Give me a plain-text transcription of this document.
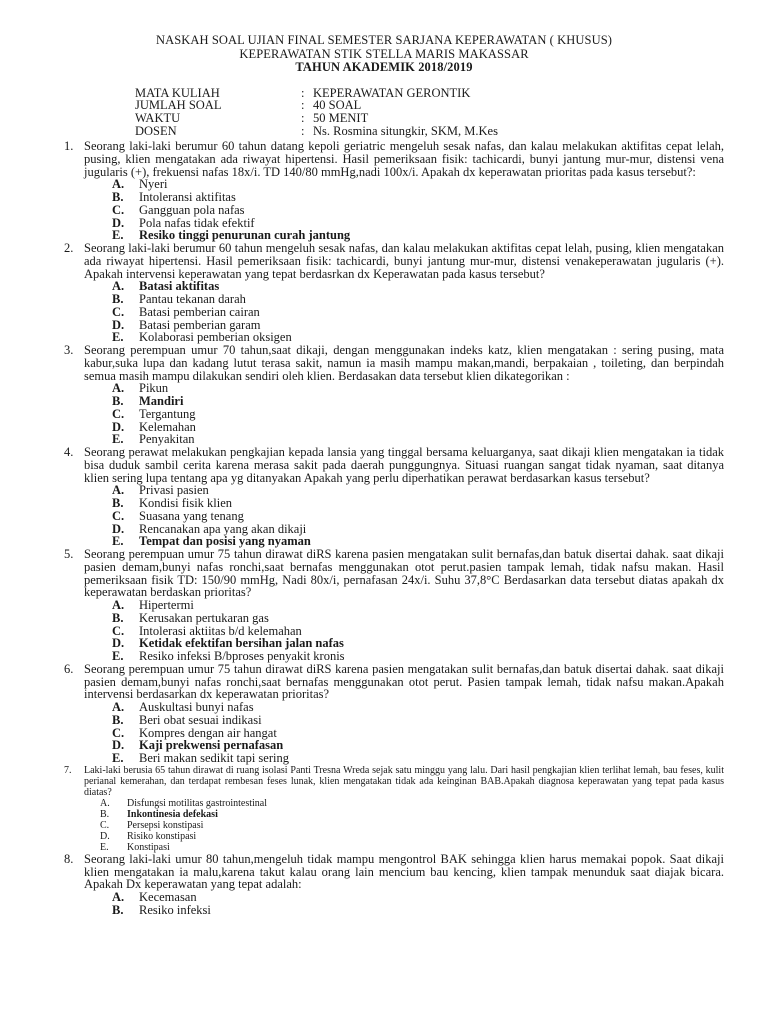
NASKAH SOAL UJIAN FINAL SEMESTER SARJANA KEPERAWATAN ( KHUSUS)
KEPERAWATAN STIK STELLA MARIS MAKASSAR
TAHUN AKADEMIK 2018/2019
MATA KULIAH	: KEPERAWATAN GERONTIK
JUMLAH SOAL	: 40 SOAL
WAKTU	: 50 MENIT
DOSEN	: Ns. Rosmina situngkir, SKM, M.Kes
1. Seorang laki-laki berumur 60 tahun datang kepoli geriatric mengeluh sesak nafas, dan kalau melakukan aktifitas cepat lelah, pusing, klien mengatakan ada riwayat hipertensi. Hasil pemeriksaan fisik: tachicardi, bunyi jantung mur-mur, distensi vena jugularis (+), frekuensi nafas 18x/i. TD 140/80 mmHg,nadi 100x/i. Apakah dx keperawatan prioritas pada kasus tersebut?:
A.	Nyeri
B.	Intoleransi aktifitas
C.	Gangguan pola nafas
D.	Pola nafas tidak efektif
E.	Resiko tinggi penurunan curah jantung
2. Seorang laki-laki berumur 60 tahun mengeluh sesak nafas, dan kalau melakukan aktifitas cepat lelah, pusing, klien mengatakan ada riwayat hipertensi. Hasil pemeriksaan fisik: tachicardi, bunyi jantung mur-mur, distensi venakeperawatan jugularis (+). Apakah intervensi keperawatan yang tepat berdasrkan dx Keperawatan pada kasus tersebut?
A.	Batasi aktifitas
B.	Pantau tekanan darah
C.	Batasi pemberian cairan
D.	Batasi pemberian garam
E.	Kolaborasi pemberian oksigen
3. Seorang perempuan umur 70 tahun,saat dikaji, dengan menggunakan indeks katz, klien mengatakan : sering pusing, mata kabur,suka lupa dan kadang lutut terasa sakit, namun ia masih mampu makan,mandi, berpakaian , toileting, dan berpindah semua masih mampu dilakukan sendiri oleh klien. Berdasakan data tersebut klien dikategorikan :
A.	Pikun
B.	Mandiri
C.	Tergantung
D.	Kelemahan
E.	Penyakitan
4. Seorang perawat melakukan pengkajian kepada lansia yang tinggal bersama keluarganya, saat dikaji klien mengatakan ia tidak bisa duduk sambil cerita karena merasa sakit pada daerah punggungnya. Situasi ruangan sangat tidak nyaman, saat ditanya klien sering lupa tentang apa yg ditanyakan Apakah yang perlu diperhatikan perawat berdasarkan kasus tersebut?
A.	Privasi pasien
B.	Kondisi fisik klien
C.	Suasana yang tenang
D.	Rencanakan apa yang akan dikaji
E.	Tempat dan posisi yang nyaman
5. Seorang perempuan umur 75 tahun dirawat diRS karena pasien mengatakan sulit bernafas,dan batuk disertai dahak. saat dikaji pasien demam,bunyi nafas ronchi,saat bernafas menggunakan otot perut.pasien tampak lemah, tidak nafsu makan. Hasil pemeriksaan fisik TD: 150/90 mmHg, Nadi 80x/i, pernafasan 24x/i. Suhu 37,8°C Berdasarkan data tersebut diatas apakah dx keperawatan berdaskan prioritas?
A.	Hipertermi
B.	Kerusakan pertukaran gas
C.	Intolerasi aktiitas b/d kelemahan
D.	Ketidak efektifan bersihan jalan nafas
E.	Resiko infeksi B/bproses penyakit kronis
6. Seorang perempuan umur 75 tahun dirawat diRS karena pasien mengatakan sulit bernafas,dan batuk disertai dahak. saat dikaji pasien demam,bunyi nafas ronchi,saat bernafas menggunakan otot perut. Pasien tampak lemah, tidak nafsu makan.Apakah intervensi berdasarkan dx keperawatan prioritas?
A.	Auskultasi bunyi nafas
B.	Beri obat sesuai indikasi
C.	Kompres dengan air hangat
D.	Kaji prekwensi pernafasan
E.	Beri makan sedikit tapi sering
7.	Laki-laki berusia 65 tahun dirawat di ruang isolasi Panti Tresna Wreda sejak satu minggu yang lalu. Dari hasil pengkajian klien terlihat lemah, bau feses, kulit perianal kemerahan, dan terdapat rembesan feses lunak, klien mengatakan tidak ada keinginan BAB.Apakah diagnosa keperawatan yang tepat pada kasus diatas?
A.	Disfungsi motilitas gastrointestinal
B.	Inkontinesia defekasi
C.	Persepsi konstipasi
D.	Risiko konstipasi
E.	Konstipasi
8. Seorang laki-laki umur 80 tahun,mengeluh tidak mampu mengontrol BAK sehingga klien harus memakai popok. Saat dikaji klien mengatakan ia malu,karena takut kalau orang lain mencium bau kencing, klien tampak menunduk saat diajak bicara. Apakah Dx keperawatan yang tepat adalah:
A.	Kecemasan
B.	Resiko infeksi
